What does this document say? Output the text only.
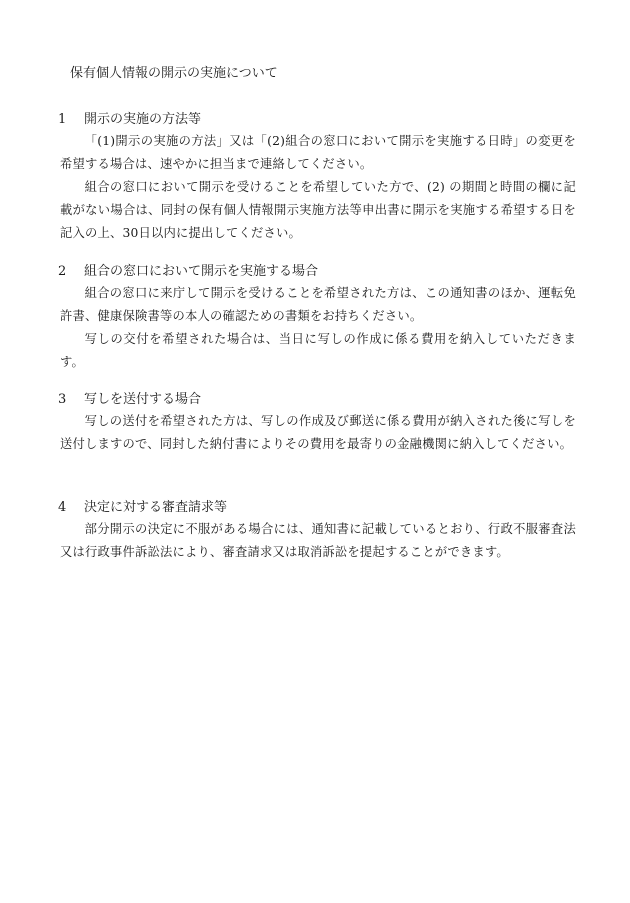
保有個人情報の開示の実施について
1 開示の実施の方法等

「(1)開示の実施の方法」又は「(2)組合の窓口において開示を実施する日時」の変更を希望する場合は、速やかに担当まで連絡してください。

組合の窓口において開示を受けることを希望していた方で、(2) の期間と時間の欄に記載がない場合は、同封の保有個人情報開示実施方法等申出書に開示を実施する希望する日を記入の上、30日以内に提出してください。

2 組合の窓口において開示を実施する場合

組合の窓口に来庁して開示を受けることを希望された方は、この通知書のほか、運転免許書、健康保険書等の本人の確認ための書類をお持ちください。

写しの交付を希望された場合は、当日に写しの作成に係る費用を納入していただきます。

3 写しを送付する場合

写しの送付を希望された方は、写しの作成及び郵送に係る費用が納入された後に写しを送付しますので、同封した納付書によりその費用を最寄りの金融機関に納入してください。

4 決定に対する審査請求等

部分開示の決定に不服がある場合には、通知書に記載しているとおり、行政不服審査法又は行政事件訴訟法により、審査請求又は取消訴訟を提起することができます。
